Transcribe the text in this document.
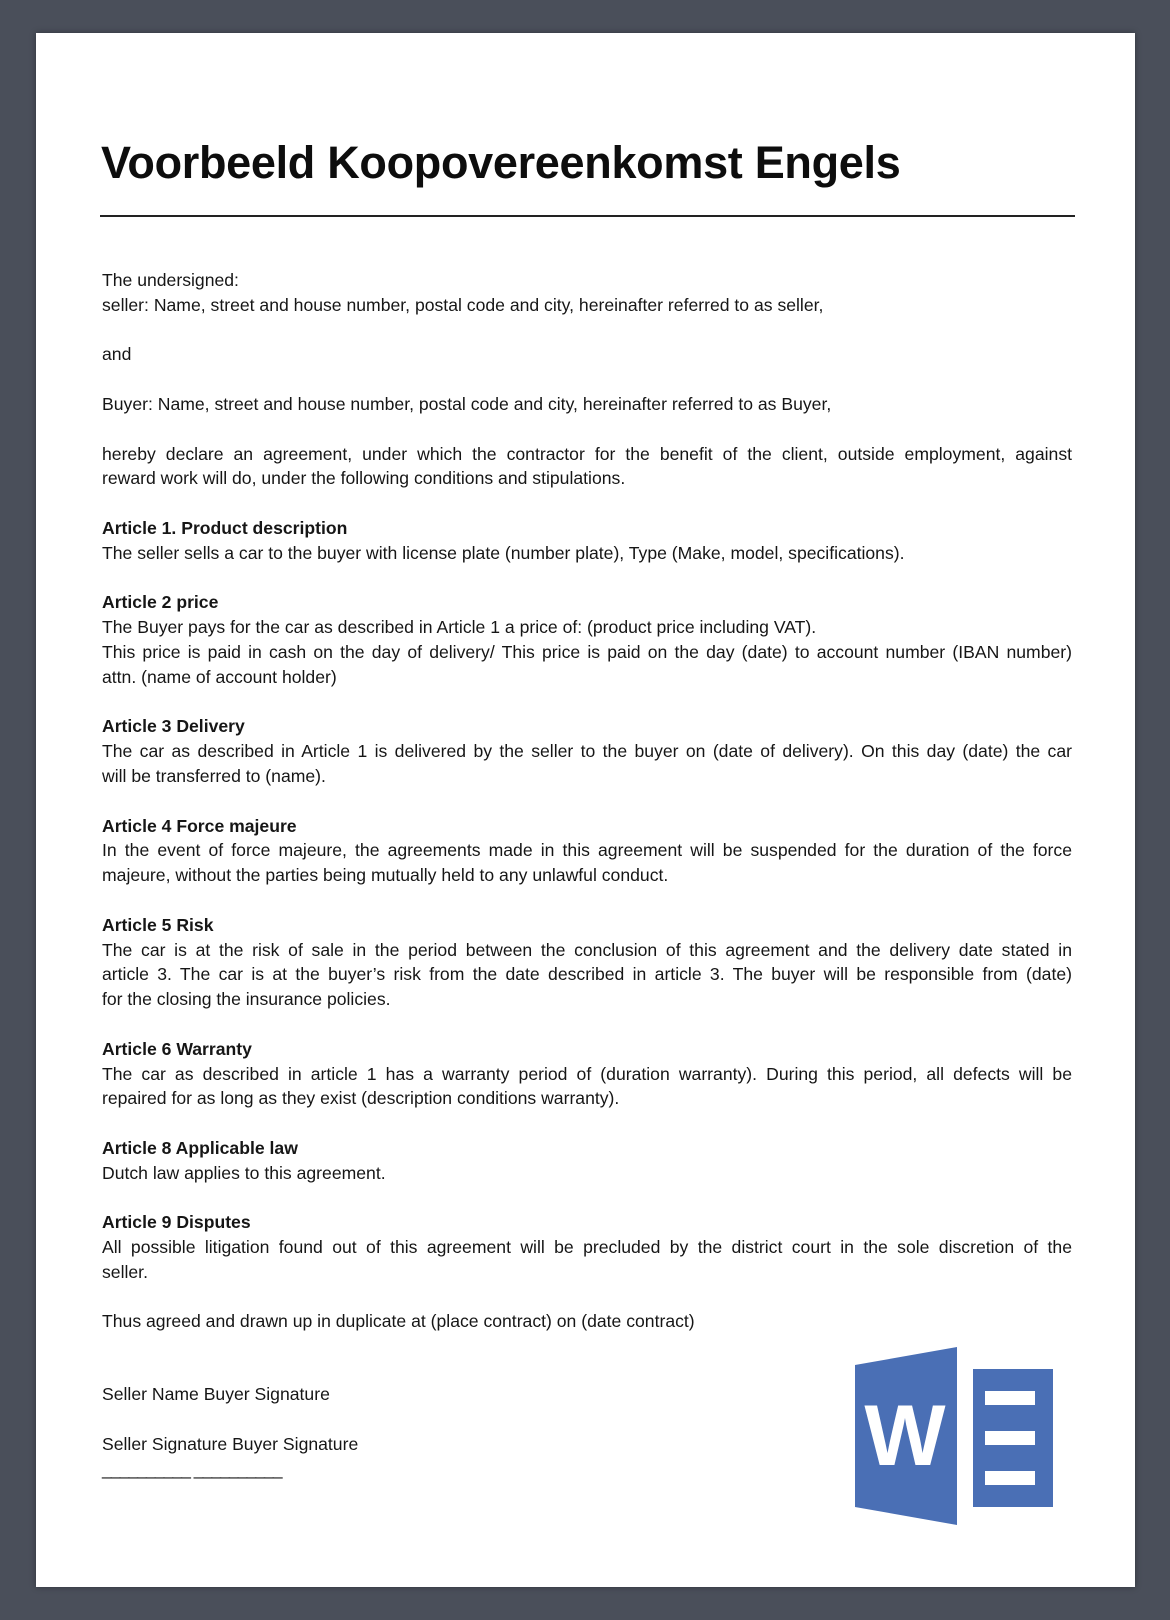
Voorbeeld Koopovereenkomst Engels

The undersigned:
seller: Name, street and house number, postal code and city, hereinafter referred to as seller,

and

Buyer: Name, street and house number, postal code and city, hereinafter referred to as Buyer,

hereby declare an agreement, under which the contractor for the benefit of the client, outside employment, against
reward work will do, under the following conditions and stipulations.

Article 1. Product description
The seller sells a car to the buyer with license plate (number plate), Type (Make, model, specifications).

Article 2 price
The Buyer pays for the car as described in Article 1 a price of: (product price including VAT).
This price is paid in cash on the day of delivery/ This price is paid on the day (date) to account number (IBAN number)
attn. (name of account holder)

Article 3 Delivery
The car as described in Article 1 is delivered by the seller to the buyer on (date of delivery). On this day (date) the car
will be transferred to (name).

Article 4 Force majeure
In the event of force majeure, the agreements made in this agreement will be suspended for the duration of the force
majeure, without the parties being mutually held to any unlawful conduct.

Article 5 Risk
The car is at the risk of sale in the period between the conclusion of this agreement and the delivery date stated in
article 3. The car is at the buyer’s risk from the date described in article 3. The buyer will be responsible from (date)
for the closing the insurance policies.

Article 6 Warranty
The car as described in article 1 has a warranty period of (duration warranty). During this period, all defects will be
repaired for as long as they exist (description conditions warranty).

Article 8 Applicable law
Dutch law applies to this agreement.

Article 9 Disputes
All possible litigation found out of this agreement will be precluded by the district court in the sole discretion of the
seller.

Thus agreed and drawn up in duplicate at (place contract) on (date contract)

Seller Name Buyer Signature

Seller Signature Buyer Signature
__________ __________	W
